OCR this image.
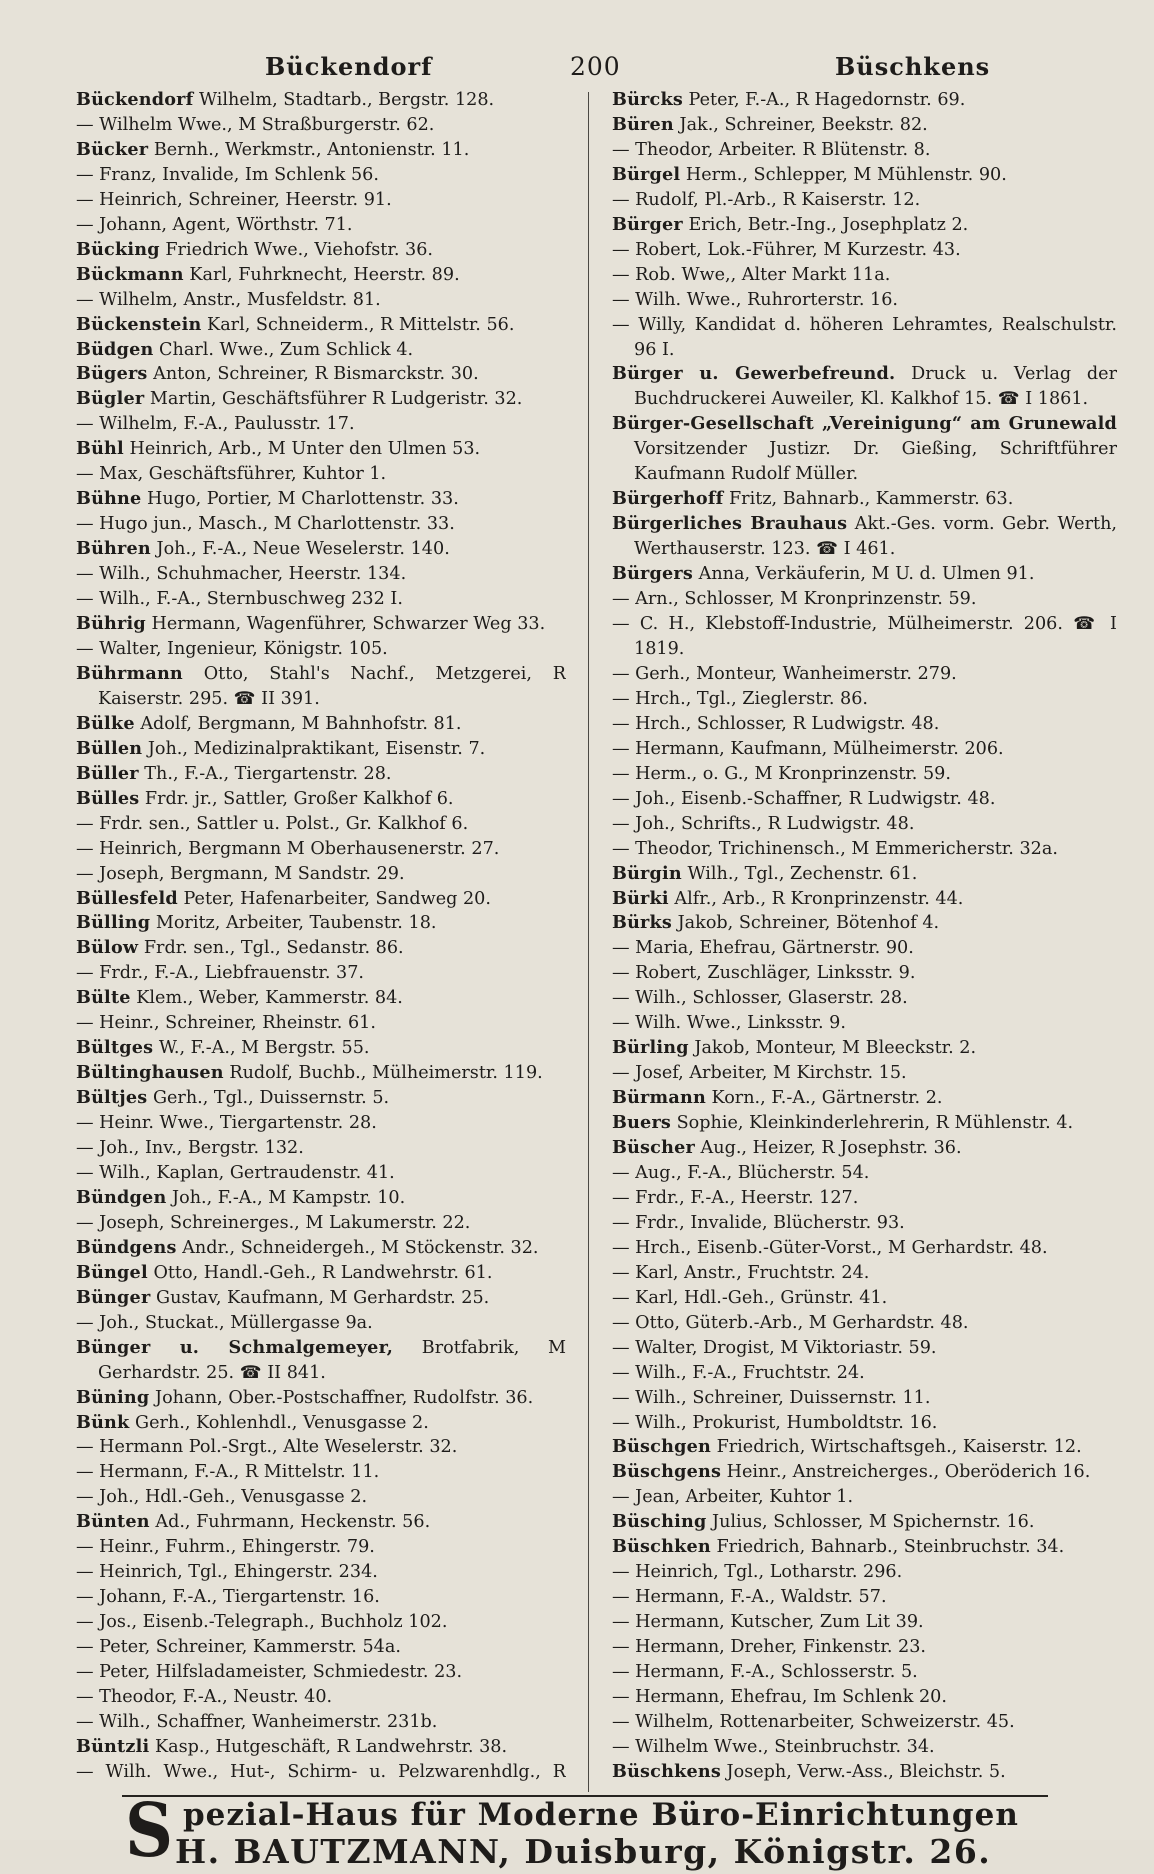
Bückendorf	200	Büschkens

Bückendorf Wilhelm, Stadtarb., Bergstr. 128.

— Wilhelm Wwe., M Straßburgerstr. 62.

Bücker Bernh., Werkmstr., Antonienstr. 11.

— Franz, Invalide, Im Schlenk 56.

— Heinrich, Schreiner, Heerstr. 91.

— Johann, Agent, Wörthstr. 71.

Bücking Friedrich Wwe., Viehofstr. 36.

Bückmann Karl, Fuhrknecht, Heerstr. 89.

— Wilhelm, Anstr., Musfeldstr. 81.

Bückenstein Karl, Schneiderm., R Mittelstr. 56.

Büdgen Charl. Wwe., Zum Schlick 4.

Bügers Anton, Schreiner, R Bismarckstr. 30.

Bügler Martin, Geschäftsführer R Ludgeristr. 32.

— Wilhelm, F.-A., Paulusstr. 17.

Bühl Heinrich, Arb., M Unter den Ulmen 53.

— Max, Geschäftsführer, Kuhtor 1.

Bühne Hugo, Portier, M Charlottenstr. 33.

— Hugo jun., Masch., M Charlottenstr. 33.

Bühren Joh., F.-A., Neue Weselerstr. 140.

— Wilh., Schuhmacher, Heerstr. 134.

— Wilh., F.-A., Sternbuschweg 232 I.

Bührig Hermann, Wagenführer, Schwarzer Weg 33.

— Walter, Ingenieur, Königstr. 105.

Bührmann Otto, Stahl's Nachf., Metzgerei, R Kaiserstr. 295. ☎ II 391.

Bülke Adolf, Bergmann, M Bahnhofstr. 81.

Büllen Joh., Medizinalpraktikant, Eisenstr. 7.

Büller Th., F.-A., Tiergartenstr. 28.

Bülles Frdr. jr., Sattler, Großer Kalkhof 6.

— Frdr. sen., Sattler u. Polst., Gr. Kalkhof 6.

— Heinrich, Bergmann M Oberhausenerstr. 27.

— Joseph, Bergmann, M Sandstr. 29.

Büllesfeld Peter, Hafenarbeiter, Sandweg 20.

Bülling Moritz, Arbeiter, Taubenstr. 18.

Bülow Frdr. sen., Tgl., Sedanstr. 86.

— Frdr., F.-A., Liebfrauenstr. 37.

Bülte Klem., Weber, Kammerstr. 84.

— Heinr., Schreiner, Rheinstr. 61.

Bültges W., F.-A., M Bergstr. 55.

Bültinghausen Rudolf, Buchb., Mülheimerstr. 119.

Bültjes Gerh., Tgl., Duissernstr. 5.

— Heinr. Wwe., Tiergartenstr. 28.

— Joh., Inv., Bergstr. 132.

— Wilh., Kaplan, Gertraudenstr. 41.

Bündgen Joh., F.-A., M Kampstr. 10.

— Joseph, Schreinerges., M Lakumerstr. 22.

Bündgens Andr., Schneidergeh., M Stöckenstr. 32.

Büngel Otto, Handl.-Geh., R Landwehrstr. 61.

Bünger Gustav, Kaufmann, M Gerhardstr. 25.

— Joh., Stuckat., Müllergasse 9a.

Bünger u. Schmalgemeyer, Brotfabrik, M Gerhardstr. 25. ☎ II 841.

Büning Johann, Ober.-Postschaffner, Rudolfstr. 36.

Bünk Gerh., Kohlenhdl., Venusgasse 2.

— Hermann Pol.-Srgt., Alte Weselerstr. 32.

— Hermann, F.-A., R Mittelstr. 11.

— Joh., Hdl.-Geh., Venusgasse 2.

Bünten Ad., Fuhrmann, Heckenstr. 56.

— Heinr., Fuhrm., Ehingerstr. 79.

— Heinrich, Tgl., Ehingerstr. 234.

— Johann, F.-A., Tiergartenstr. 16.

— Jos., Eisenb.-Telegraph., Buchholz 102.

— Peter, Schreiner, Kammerstr. 54a.

— Peter, Hilfsladameister, Schmiedestr. 23.

— Theodor, F.-A., Neustr. 40.

— Wilh., Schaffner, Wanheimerstr. 231b.

Büntzli Kasp., Hutgeschäft, R Landwehrstr. 38.

— Wilh. Wwe., Hut-, Schirm- u. Pelzwarenhdlg., R

Bürcks Peter, F.-A., R Hagedornstr. 69.

Büren Jak., Schreiner, Beekstr. 82.

— Theodor, Arbeiter. R Blütenstr. 8.

Bürgel Herm., Schlepper, M Mühlenstr. 90.

— Rudolf, Pl.-Arb., R Kaiserstr. 12.

Bürger Erich, Betr.-Ing., Josephplatz 2.

— Robert, Lok.-Führer, M Kurzestr. 43.

— Rob. Wwe,, Alter Markt 11a.

— Wilh. Wwe., Ruhrorterstr. 16.

— Willy, Kandidat d. höheren Lehramtes, Realschulstr. 96 I.

Bürger u. Gewerbefreund. Druck u. Verlag der Buchdruckerei Auweiler, Kl. Kalkhof 15. ☎ I 1861.

Bürger-Gesellschaft „Vereinigung“ am Grunewald Vorsitzender Justizr. Dr. Gießing, Schriftführer Kaufmann Rudolf Müller.

Bürgerhoff Fritz, Bahnarb., Kammerstr. 63.

Bürgerliches Brauhaus Akt.-Ges. vorm. Gebr. Werth, Werthauserstr. 123. ☎ I 461.

Bürgers Anna, Verkäuferin, M U. d. Ulmen 91.

— Arn., Schlosser, M Kronprinzenstr. 59.

— C. H., Klebstoff-Industrie, Mülheimerstr. 206. ☎ I 1819.

— Gerh., Monteur, Wanheimerstr. 279.

— Hrch., Tgl., Zieglerstr. 86.

— Hrch., Schlosser, R Ludwigstr. 48.

— Hermann, Kaufmann, Mülheimerstr. 206.

— Herm., o. G., M Kronprinzenstr. 59.

— Joh., Eisenb.-Schaffner, R Ludwigstr. 48.

— Joh., Schrifts., R Ludwigstr. 48.

— Theodor, Trichinensch., M Emmericherstr. 32a.

Bürgin Wilh., Tgl., Zechenstr. 61.

Bürki Alfr., Arb., R Kronprinzenstr. 44.

Bürks Jakob, Schreiner, Bötenhof 4.

— Maria, Ehefrau, Gärtnerstr. 90.

— Robert, Zuschläger, Linksstr. 9.

— Wilh., Schlosser, Glaserstr. 28.

— Wilh. Wwe., Linksstr. 9.

Bürling Jakob, Monteur, M Bleeckstr. 2.

— Josef, Arbeiter, M Kirchstr. 15.

Bürmann Korn., F.-A., Gärtnerstr. 2.

Buers Sophie, Kleinkinderlehrerin, R Mühlenstr. 4.

Büscher Aug., Heizer, R Josephstr. 36.

— Aug., F.-A., Blücherstr. 54.

— Frdr., F.-A., Heerstr. 127.

— Frdr., Invalide, Blücherstr. 93.

— Hrch., Eisenb.-Güter-Vorst., M Gerhardstr. 48.

— Karl, Anstr., Fruchtstr. 24.

— Karl, Hdl.-Geh., Grünstr. 41.

— Otto, Güterb.-Arb., M Gerhardstr. 48.

— Walter, Drogist, M Viktoriastr. 59.

— Wilh., F.-A., Fruchtstr. 24.

— Wilh., Schreiner, Duissernstr. 11.

— Wilh., Prokurist, Humboldtstr. 16.

Büschgen Friedrich, Wirtschaftsgeh., Kaiserstr. 12.

Büschgens Heinr., Anstreicherges., Oberöderich 16.

— Jean, Arbeiter, Kuhtor 1.

Büsching Julius, Schlosser, M Spichernstr. 16.

Büschken Friedrich, Bahnarb., Steinbruchstr. 34.

— Heinrich, Tgl., Lotharstr. 296.

— Hermann, F.-A., Waldstr. 57.

— Hermann, Kutscher, Zum Lit 39.

— Hermann, Dreher, Finkenstr. 23.

— Hermann, F.-A., Schlosserstr. 5.

— Hermann, Ehefrau, Im Schlenk 20.

— Wilhelm, Rottenarbeiter, Schweizerstr. 45.

— Wilhelm Wwe., Steinbruchstr. 34.

Büschkens Joseph, Verw.-Ass., Bleichstr. 5.

S pezial-Haus für Moderne Büro-Einrichtungen
H. BAUTZMANN, Duisburg, Königstr. 26.
